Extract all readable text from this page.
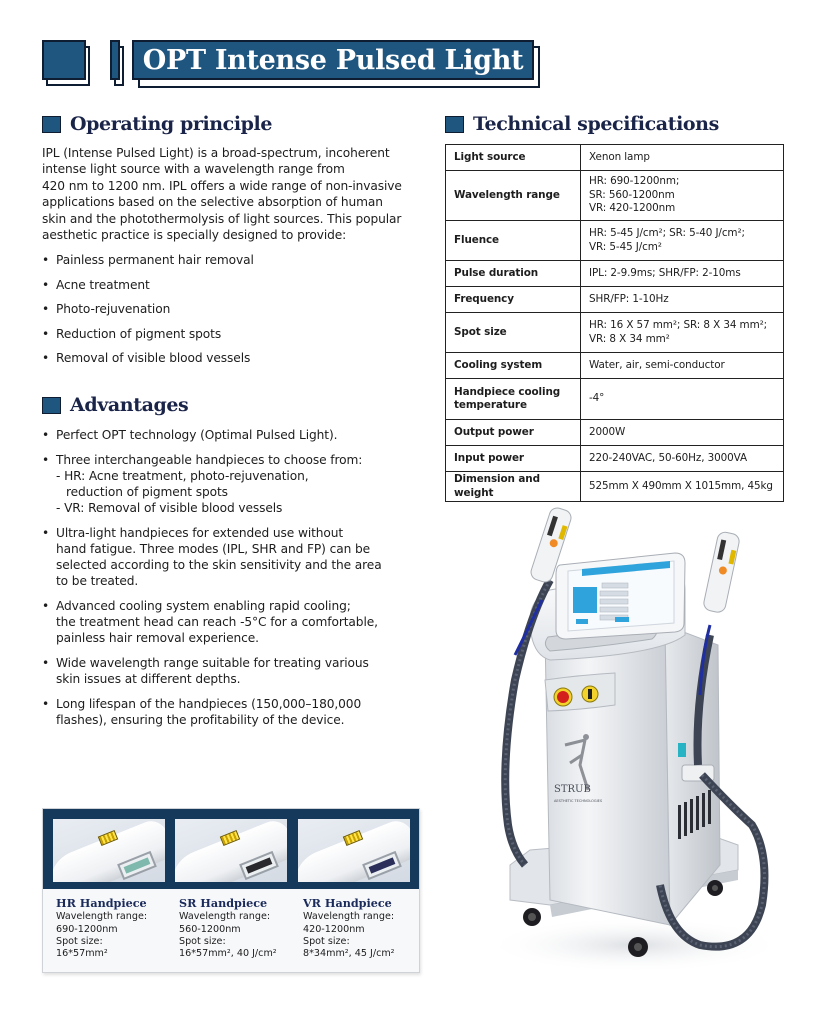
OPT Intense Pulsed Light
Operating principle

IPL (Intense Pulsed Light) is a broad-spectrum, incoherent

intense light source with a wavelength range from

420 nm to 1200 nm. IPL offers a wide range of non-invasive

applications based on the selective absorption of human

skin and the photothermolysis of light sources. This popular

aesthetic practice is specially designed to provide:

• Painless permanent hair removal
• Acne treatment
• Photo-rejuvenation
• Reduction of pigment spots
• Removal of visible blood vessels
Advantages
• Perfect OPT technology (Optimal Pulsed Light).
• Three interchangeable handpieces to choose from:
- HR: Acne treatment, photo-rejuvenation,
reduction of pigment spots
- VR: Removal of visible blood vessels
• Ultra-light handpieces for extended use without
hand fatigue. Three modes (IPL, SHR and FP) can be
selected according to the skin sensitivity and the area
to be treated.
• Advanced cooling system enabling rapid cooling;
the treatment head can reach -5°C for a comfortable,
painless hair removal experience.
• Wide wavelength range suitable for treating various
skin issues at different depths.
• Long lifespan of the handpieces (150,000–180,000
flashes), ensuring the profitability of the device.
Technical specifications
Light source	Xenon lamp

Wavelength range	HR: 690-1200nm;
SR: 560-1200nm
VR: 420-1200nm

Fluence	HR: 5-45 J/cm²; SR: 5-40 J/cm²;
VR: 5-45 J/cm²

Pulse duration	IPL: 2-9.9ms; SHR/FP: 2-10ms

Frequency	SHR/FP: 1-10Hz

Spot size	HR: 16 X 57 mm²; SR: 8 X 34 mm²;
VR: 8 X 34 mm²

Cooling system	Water, air, semi-conductor

Handpiece cooling
temperature	-4°

Output power	2000W

Input power	220-240VAC, 50-60Hz, 3000VA

Dimension and weight	525mm X 490mm X 1015mm, 45kg
HR Handpiece
Wavelength range:
690-1200nm
Spot size:
16*57mm²
SR Handpiece
Wavelength range:
560-1200nm
Spot size:
16*57mm², 40 J/cm²
VR Handpiece
Wavelength range:
420-1200nm
Spot size:
8*34mm², 45 J/cm²
STRUB
AESTHETIC TECHNOLOGIES
